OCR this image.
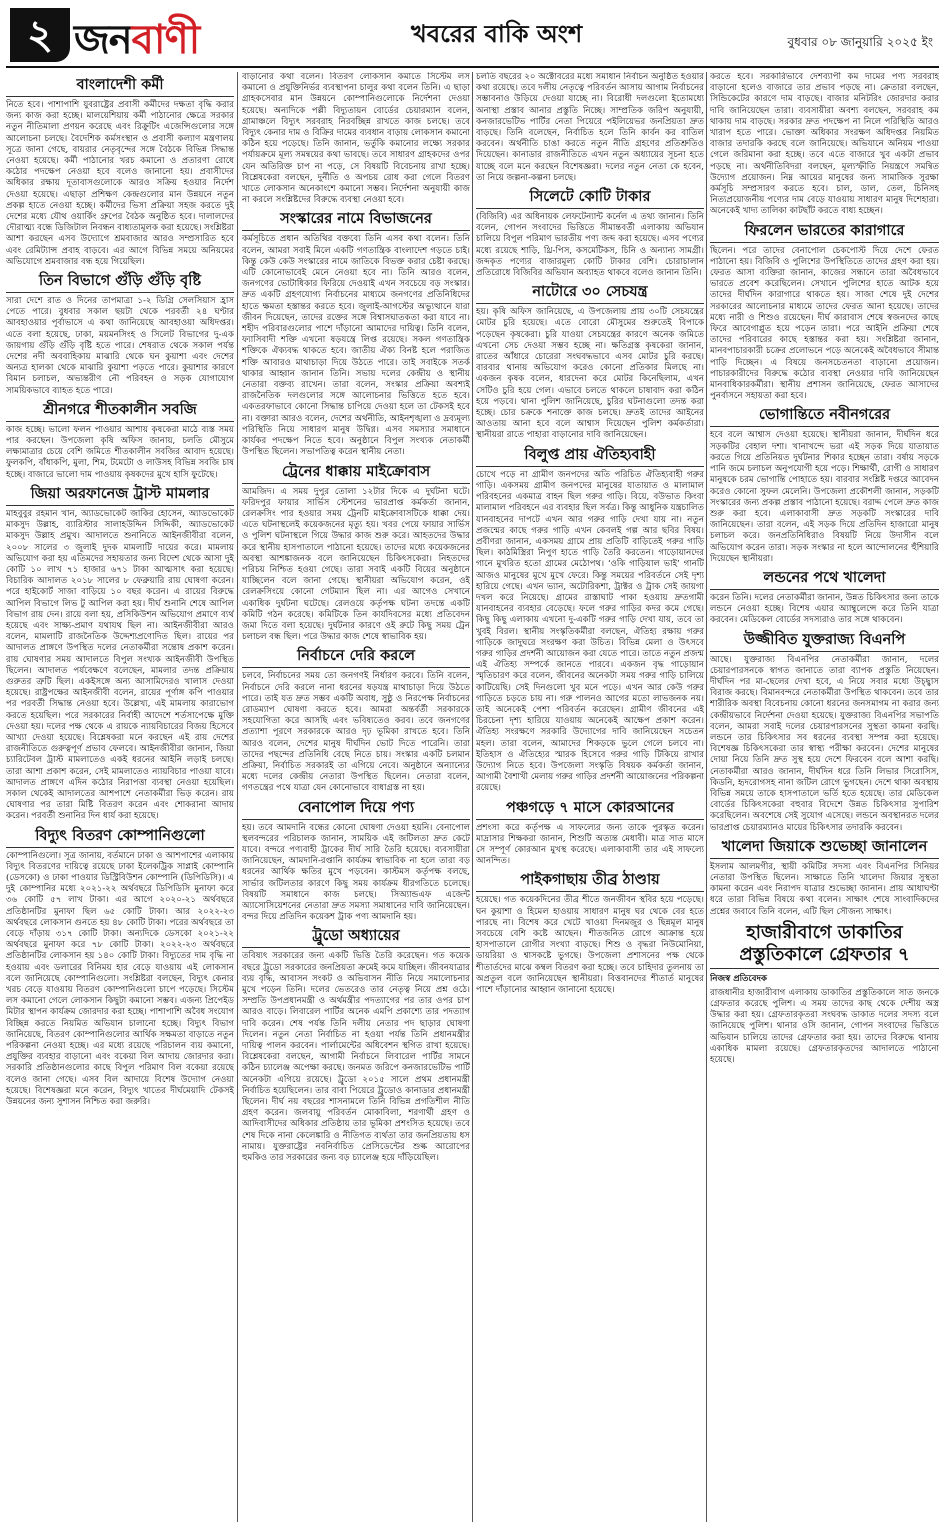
২ জনবাণী	খবরের বাকি অংশ	বুধবার ০৮ জানুয়ারি ২০২৫ ইং
বাংলাদেশী কর্মী

নিতে হবে। পাশাপাশি যুবরাষ্ট্রের প্রবাসী কর্মীদের দক্ষতা বৃদ্ধি করার জন্য কাজ করা হচ্ছে। মালয়েশিয়ায় কর্মী পাঠানোর ক্ষেত্রে সরকার নতুন নীতিমালা প্রণয়ন করেছে এবং রিক্রুটিং এজেন্সিগুলোর সঙ্গে আলোচনা চলছে। বৈদেশিক কর্মসংস্থান ও প্রবাসী কল্যাণ মন্ত্রণালয় সূত্রে জানা গেছে, বায়রার নেতৃবৃন্দের সঙ্গে বৈঠকে বিভিন্ন সিদ্ধান্ত নেওয়া হয়েছে। কর্মী পাঠানোর খরচ কমানো ও প্রতারণা রোধে কঠোর পদক্ষেপ নেওয়া হবে বলেও জানানো হয়। প্রবাসীদের অধিকার রক্ষায় দূতাবাসগুলোকে আরও সক্রিয় হওয়ার নির্দেশ দেওয়া হয়েছে। এছাড়া প্রশিক্ষণ কেন্দ্রগুলোর মান উন্নয়নে নতুন প্রকল্প হাতে নেওয়া হচ্ছে। কর্মীদের ভিসা প্রক্রিয়া সহজ করতে দুই দেশের মধ্যে যৌথ ওয়ার্কিং গ্রুপের বৈঠক অনুষ্ঠিত হবে। দালালদের দৌরাত্ম্য বন্ধে ডিজিটাল নিবন্ধন বাধ্যতামূলক করা হয়েছে। সংশ্লিষ্টরা আশা করছেন এসব উদ্যোগে শ্রমবাজার আরও সম্প্রসারিত হবে এবং রেমিট্যান্স প্রবাহ বাড়বে। এর আগে বিভিন্ন সময়ে অনিয়মের অভিযোগে শ্রমবাজার বন্ধ হয়ে গিয়েছিল।

তিন বিভাগে গুঁড়ি গুঁড়ি বৃষ্টি

সারা দেশে রাত ও দিনের তাপমাত্রা ১-২ ডিগ্রি সেলসিয়াস হ্রাস পেতে পারে। বুধবার সকাল ছয়টা থেকে পরবর্তী ২৪ ঘণ্টার আবহাওয়ার পূর্বাভাসে এ কথা জানিয়েছে আবহাওয়া অধিদপ্তর। এতে বলা হয়েছে, ঢাকা, ময়মনসিংহ ও সিলেট বিভাগের দু-এক জায়গায় গুঁড়ি গুঁড়ি বৃষ্টি হতে পারে। শেষরাত থেকে সকাল পর্যন্ত দেশের নদী অববাহিকায় মাঝারি থেকে ঘন কুয়াশা এবং দেশের অন্যত্র হালকা থেকে মাঝারি কুয়াশা পড়তে পারে। কুয়াশার কারণে বিমান চলাচল, অভ্যন্তরীণ নৌ পরিবহন ও সড়ক যোগাযোগ সাময়িকভাবে ব্যাহত হতে পারে।

শ্রীনগরে শীতকালীন সবজি

কাজ হচ্ছে। ভালো ফলন পাওয়ার আশায় কৃষকেরা মাঠে ব্যস্ত সময় পার করছেন। উপজেলা কৃষি অফিস জানায়, চলতি মৌসুমে লক্ষ্যমাত্রার চেয়ে বেশি জমিতে শীতকালীন সবজির আবাদ হয়েছে। ফুলকপি, বাঁধাকপি, মুলা, শিম, টমেটো ও লাউসহ বিভিন্ন সবজি চাষ হচ্ছে। বাজারে ভালো দাম পাওয়ায় কৃষকদের মুখে হাসি ফুটেছে।

জিয়া অরফানেজ ট্রাস্ট মামলার

মাহবুবুর রহমান খান, অ্যাডভোকেট জাকির হোসেন, অ্যাডভোকেট মাকসুদ উল্লাহ, ব্যারিস্টার সালাহউদ্দিন সিদ্দিকী, অ্যাডভোকেট মাকসুদ উল্লাহ প্রমুখ। আদালতে শুনানিতে আইনজীবীরা বলেন, ২০০৮ সালের ৩ জুলাই দুদক মামলাটি দায়ের করে। মামলায় অভিযোগ করা হয় এতিমদের সহায়তার জন্য বিদেশ থেকে আসা দুই কোটি ১০ লাখ ৭১ হাজার ৬৭১ টাকা আত্মসাৎ করা হয়েছে। বিচারিক আদালত ২০১৮ সালের ৮ ফেব্রুয়ারি রায় ঘোষণা করেন। পরে হাইকোর্ট সাজা বাড়িয়ে ১০ বছর করেন। এ রায়ের বিরুদ্ধে আপিল বিভাগে লিভ টু আপিল করা হয়। দীর্ঘ শুনানি শেষে আপিল বিভাগ রায় দেন। রায়ে বলা হয়, প্রসিকিউশন অভিযোগ প্রমাণে ব্যর্থ হয়েছে এবং সাক্ষ্য-প্রমাণ যথাযথ ছিল না। আইনজীবীরা আরও বলেন, মামলাটি রাজনৈতিক উদ্দেশ্যপ্রণোদিত ছিল। রায়ের পর আদালত প্রাঙ্গণে উপস্থিত দলের নেতাকর্মীরা সন্তোষ প্রকাশ করেন। রায় ঘোষণার সময় আদালতে বিপুল সংখ্যক আইনজীবী উপস্থিত ছিলেন। আদালত পর্যবেক্ষণে বলেছেন, মামলার তদন্ত প্রক্রিয়ায় গুরুতর ত্রুটি ছিল। একইসঙ্গে অন্য আসামিদেরও খালাস দেওয়া হয়েছে। রাষ্ট্রপক্ষের আইনজীবী বলেন, রায়ের পূর্ণাঙ্গ কপি পাওয়ার পর পরবর্তী সিদ্ধান্ত নেওয়া হবে। উল্লেখ্য, এই মামলায় কারাভোগ করতে হয়েছিল। পরে সরকারের নির্বাহী আদেশে শর্তসাপেক্ষে মুক্তি দেওয়া হয়। দলের পক্ষ থেকে এ রায়কে ন্যায়বিচারের বিজয় হিসেবে আখ্যা দেওয়া হয়েছে। বিশ্লেষকরা মনে করছেন এই রায় দেশের রাজনীতিতে গুরুত্বপূর্ণ প্রভাব ফেলবে। আইনজীবীরা জানান, জিয়া চ্যারিটেবল ট্রাস্ট মামলাতেও একই ধরনের আইনি লড়াই চলছে। তারা আশা প্রকাশ করেন, সেই মামলাতেও ন্যায়বিচার পাওয়া যাবে। আদালত প্রাঙ্গণে এদিন কঠোর নিরাপত্তা ব্যবস্থা নেওয়া হয়েছিল। সকাল থেকেই আদালতের আশপাশে নেতাকর্মীরা ভিড় করেন। রায় ঘোষণার পর তারা মিষ্টি বিতরণ করেন এবং শোকরানা আদায় করেন। পরবর্তী শুনানির দিন ধার্য করা হয়েছে।

বিদ্যুৎ বিতরণ কোম্পানিগুলো

কোম্পানিগুলো। সূত্র জানায়, বর্তমানে ঢাকা ও আশপাশের এলাকায় বিদ্যুৎ বিতরণের দায়িত্বে রয়েছে ঢাকা ইলেকট্রিক সাপ্লাই কোম্পানি (ডেসকো) ও ঢাকা পাওয়ার ডিস্ট্রিবিউশন কোম্পানি (ডিপিডিসি)। এ দুই কোম্পানির মধ্যে ২০২১-২২ অর্থবছরে ডিপিডিসি মুনাফা করে ৩৬ কোটি ৫৭ লাখ টাকা। এর আগে ২০২০-২১ অর্থবছরে প্রতিষ্ঠানটির মুনাফা ছিল ৬৫ কোটি টাকা। আর ২০২২-২৩ অর্থবছরে লোকসান গুনতে হয় ৪৮ কোটি টাকা। পরের অর্থবছরে তা বেড়ে দাঁড়ায় ৩১৭ কোটি টাকা। অন্যদিকে ডেসকো ২০২১-২২ অর্থবছরে মুনাফা করে ৭৮ কোটি টাকা। ২০২২-২৩ অর্থবছরে প্রতিষ্ঠানটির লোকসান হয় ১৪০ কোটি টাকা। বিদ্যুতের দাম বৃদ্ধি না হওয়ায় এবং ডলারের বিনিময় হার বেড়ে যাওয়ায় এই লোকসান বলে জানিয়েছে কোম্পানিগুলো। সংশ্লিষ্টরা বলছেন, বিদ্যুৎ কেনার খরচ বেড়ে যাওয়ায় বিতরণ কোম্পানিগুলো চাপে পড়েছে। সিস্টেম লস কমানো গেলে লোকসান কিছুটা কমানো সম্ভব। এজন্য প্রিপেইড মিটার স্থাপন কার্যক্রম জোরদার করা হচ্ছে। পাশাপাশি অবৈধ সংযোগ বিচ্ছিন্ন করতে নিয়মিত অভিযান চালানো হচ্ছে। বিদ্যুৎ বিভাগ জানিয়েছে, বিতরণ কোম্পানিগুলোর আর্থিক সক্ষমতা বাড়াতে নতুন পরিকল্পনা নেওয়া হচ্ছে। এর মধ্যে রয়েছে পরিচালন ব্যয় কমানো, প্রযুক্তির ব্যবহার বাড়ানো এবং বকেয়া বিল আদায় জোরদার করা। সরকারি প্রতিষ্ঠানগুলোর কাছে বিপুল পরিমাণ বিল বকেয়া রয়েছে বলেও জানা গেছে। এসব বিল আদায়ে বিশেষ উদ্যোগ নেওয়া হয়েছে। বিশেষজ্ঞরা মনে করেন, বিদ্যুৎ খাতের দীর্ঘমেয়াদি টেকসই উন্নয়নের জন্য সুশাসন নিশ্চিত করা জরুরি।

বাড়ানোর কথা বলেন। বিতরণ লোকসান কমাতে সিস্টেম লস কমানো ও প্রযুক্তিনির্ভর ব্যবস্থাপনা চালুর কথা বলেন তিনি। এ ছাড়া গ্রাহকসেবার মান উন্নয়নে কোম্পানিগুলোকে নির্দেশনা দেওয়া হয়েছে। অন্যদিকে পল্লী বিদ্যুতায়ন বোর্ডের চেয়ারম্যান বলেন, গ্রামাঞ্চলে বিদ্যুৎ সরবরাহ নিরবচ্ছিন্ন রাখতে কাজ চলছে। তবে বিদ্যুৎ কেনার দাম ও বিক্রির দামের ব্যবধান বাড়ায় লোকসান কমানো কঠিন হয়ে পড়েছে। তিনি জানান, ভর্তুকি কমানোর লক্ষ্যে সরকার পর্যায়ক্রমে মূল্য সমন্বয়ের কথা ভাবছে। তবে সাধারণ গ্রাহকদের ওপর যেন অতিরিক্ত চাপ না পড়ে, সে বিষয়টি বিবেচনায় রাখা হচ্ছে। বিশ্লেষকেরা বলছেন, দুর্নীতি ও অপচয় রোধ করা গেলে বিতরণ খাতে লোকসান অনেকাংশে কমানো সম্ভব। নির্দেশনা অনুযায়ী কাজ না করলে সংশ্লিষ্টদের বিরুদ্ধে ব্যবস্থা নেওয়া হবে।

সংস্কারের নামে বিভাজনের

কর্মসূচিতে প্রধান অতিথির বক্তব্যে তিনি এসব কথা বলেন। তিনি বলেন, আমরা সবাই মিলে একটি গণতান্ত্রিক বাংলাদেশ গড়তে চাই। কিন্তু কেউ কেউ সংস্কারের নামে জাতিকে বিভক্ত করার চেষ্টা করছে। এটি কোনোভাবেই মেনে নেওয়া হবে না। তিনি আরও বলেন, জনগণের ভোটাধিকার ফিরিয়ে দেওয়াই এখন সবচেয়ে বড় সংস্কার। দ্রুত একটি গ্রহণযোগ্য নির্বাচনের মাধ্যমে জনগণের প্রতিনিধিদের হাতে ক্ষমতা হস্তান্তর করতে হবে। জুলাই-আগস্টের অভ্যুত্থানে যারা জীবন দিয়েছেন, তাদের রক্তের সঙ্গে বিশ্বাসঘাতকতা করা যাবে না। শহীদ পরিবারগুলোর পাশে দাঁড়ানো আমাদের দায়িত্ব। তিনি বলেন, ফ্যাসিবাদী শক্তি এখনো ষড়যন্ত্রে লিপ্ত রয়েছে। সকল গণতান্ত্রিক শক্তিকে ঐক্যবদ্ধ থাকতে হবে। জাতীয় ঐক্য বিনষ্ট হলে পরাজিত শক্তি আবারও মাথাচাড়া দিয়ে উঠতে পারে। তাই সবাইকে সতর্ক থাকার আহ্বান জানান তিনি। সভায় দলের কেন্দ্রীয় ও স্থানীয় নেতারা বক্তব্য রাখেন। তারা বলেন, সংস্কার প্রক্রিয়া অবশ্যই রাজনৈতিক দলগুলোর সঙ্গে আলোচনার ভিত্তিতে হতে হবে। একতরফাভাবে কোনো সিদ্ধান্ত চাপিয়ে দেওয়া হলে তা টেকসই হবে না। বক্তারা আরও বলেন, দেশের অর্থনীতি, আইনশৃঙ্খলা ও দ্রব্যমূল্য পরিস্থিতি নিয়ে সাধারণ মানুষ উদ্বিগ্ন। এসব সমস্যার সমাধানে কার্যকর পদক্ষেপ নিতে হবে। অনুষ্ঠানে বিপুল সংখ্যক নেতাকর্মী উপস্থিত ছিলেন। সভাপতিত্ব করেন স্থানীয় নেতা।

ট্রেনের ধাক্কায় মাইক্রোবাস

আমজিদ। এ সময় দুপুর তোলা ১২টার দিকে এ দুর্ঘটনা ঘটে। ফরিদপুর ফায়ার সার্ভিস স্টেশনের ভারপ্রাপ্ত কর্মকর্তা জানান, রেলক্রসিং পার হওয়ার সময় ট্রেনটি মাইক্রোবাসটিকে ধাক্কা দেয়। এতে ঘটনাস্থলেই কয়েকজনের মৃত্যু হয়। খবর পেয়ে ফায়ার সার্ভিস ও পুলিশ ঘটনাস্থলে গিয়ে উদ্ধার কাজ শুরু করে। আহতদের উদ্ধার করে স্থানীয় হাসপাতালে পাঠানো হয়েছে। তাদের মধ্যে কয়েকজনের অবস্থা আশঙ্কাজনক বলে জানিয়েছেন চিকিৎসকেরা। নিহতদের পরিচয় নিশ্চিত হওয়া গেছে। তারা সবাই একটি বিয়ের অনুষ্ঠানে যাচ্ছিলেন বলে জানা গেছে। স্থানীয়রা অভিযোগ করেন, ওই রেলক্রসিংয়ে কোনো গেটম্যান ছিল না। এর আগেও সেখানে একাধিক দুর্ঘটনা ঘটেছে। রেলওয়ে কর্তৃপক্ষ ঘটনা তদন্তে একটি কমিটি গঠন করেছে। কমিটিকে তিন কার্যদিবসের মধ্যে প্রতিবেদন জমা দিতে বলা হয়েছে। দুর্ঘটনার কারণে ওই রুটে কিছু সময় ট্রেন চলাচল বন্ধ ছিল। পরে উদ্ধার কাজ শেষে স্বাভাবিক হয়।

নির্বাচনে দেরি করলে

চলবে, নির্বাচনের সময় তো জনগণই নির্ধারণ করবে। তিনি বলেন, নির্বাচনে দেরি করলে নানা ধরনের ষড়যন্ত্র মাথাচাড়া দিয়ে উঠতে পারে। তাই যত দ্রুত সম্ভব একটি অবাধ, সুষ্ঠু ও নিরপেক্ষ নির্বাচনের রোডম্যাপ ঘোষণা করতে হবে। আমরা অন্তর্বর্তী সরকারকে সহযোগিতা করে আসছি এবং ভবিষ্যতেও করব। তবে জনগণের প্রত্যাশা পূরণে সরকারকে আরও দৃঢ় ভূমিকা রাখতে হবে। তিনি আরও বলেন, দেশের মানুষ দীর্ঘদিন ভোট দিতে পারেনি। তারা তাদের পছন্দের প্রতিনিধি বেছে নিতে চায়। সংস্কার একটি চলমান প্রক্রিয়া, নির্বাচিত সরকারই তা এগিয়ে নেবে। অনুষ্ঠানে অন্যান্যের মধ্যে দলের কেন্দ্রীয় নেতারা উপস্থিত ছিলেন। নেতারা বলেন, গণতন্ত্রের পথে যাত্রা যেন কোনোভাবে বাধাগ্রস্ত না হয়।

বেনাপোল দিয়ে পণ্য

হয়। তবে আমদানি বন্ধের কোনো ঘোষণা দেওয়া হয়নি। বেনাপোল স্থলবন্দরের পরিচালক জানান, সাময়িক এই জটিলতা দ্রুত কেটে যাবে। বন্দরে পণ্যবাহী ট্রাকের দীর্ঘ সারি তৈরি হয়েছে। ব্যবসায়ীরা জানিয়েছেন, আমদানি-রপ্তানি কার্যক্রম স্বাভাবিক না হলে তারা বড় ধরনের আর্থিক ক্ষতির মুখে পড়বেন। কাস্টমস কর্তৃপক্ষ বলছে, সার্ভার জটিলতার কারণে কিছু সময় কার্যক্রম ধীরগতিতে চলেছে। বিষয়টি সমাধানে কাজ চলছে। সিঅ্যান্ডএফ এজেন্ট অ্যাসোসিয়েশনের নেতারা দ্রুত সমস্যা সমাধানের দাবি জানিয়েছেন। বন্দর দিয়ে প্রতিদিন কয়েকশ ট্রাক পণ্য আমদানি হয়।

ট্রুডো অধ্যায়ের

তবিষ্যৎ সরকারের জন্য একটি ভিত্তি তৈরি করেছেন। গত কয়েক বছরে ট্রুডো সরকারের জনপ্রিয়তা ক্রমেই কমে যাচ্ছিল। জীবনযাত্রার ব্যয় বৃদ্ধি, আবাসন সংকট ও অভিবাসন নীতি নিয়ে সমালোচনার মুখে পড়েন তিনি। দলের ভেতরেও তার নেতৃত্ব নিয়ে প্রশ্ন ওঠে। সম্প্রতি উপপ্রধানমন্ত্রী ও অর্থমন্ত্রীর পদত্যাগের পর তার ওপর চাপ আরও বাড়ে। লিবারেল পার্টির অনেক এমপি প্রকাশ্যে তার পদত্যাগ দাবি করেন। শেষ পর্যন্ত তিনি দলীয় নেতার পদ ছাড়ার ঘোষণা দিলেন। নতুন নেতা নির্বাচিত না হওয়া পর্যন্ত তিনি প্রধানমন্ত্রীর দায়িত্ব পালন করবেন। পার্লামেন্টের অধিবেশন স্থগিত রাখা হয়েছে। বিশ্লেষকেরা বলছেন, আগামী নির্বাচনে লিবারেল পার্টির সামনে কঠিন চ্যালেঞ্জ অপেক্ষা করছে। জনমত জরিপে কনজারভেটিভ পার্টি অনেকটা এগিয়ে রয়েছে। ট্রুডো ২০১৫ সালে প্রথম প্রধানমন্ত্রী নির্বাচিত হয়েছিলেন। তার বাবা পিয়েরে ট্রুডোও কানাডার প্রধানমন্ত্রী ছিলেন। দীর্ঘ নয় বছরের শাসনামলে তিনি বিভিন্ন প্রগতিশীল নীতি গ্রহণ করেন। জলবায়ু পরিবর্তন মোকাবিলা, শরণার্থী গ্রহণ ও আদিবাসীদের অধিকার প্রতিষ্ঠায় তার ভূমিকা প্রশংসিত হয়েছে। তবে শেষ দিকে নানা কেলেঙ্কারি ও নীতিগত ব্যর্থতা তার জনপ্রিয়তায় ধস নামায়। যুক্তরাষ্ট্রের নবনির্বাচিত প্রেসিডেন্টের শুল্ক আরোপের হুমকিও তার সরকারের জন্য বড় চ্যালেঞ্জ হয়ে দাঁড়িয়েছিল।

চলতি বছরের ২০ অক্টোবরের মধ্যে সমাধান নির্বাচন অনুষ্ঠিত হওয়ার কথা রয়েছে। তবে দলীয় নেতৃত্বে পরিবর্তন আসায় আগাম নির্বাচনের সম্ভাবনাও উড়িয়ে দেওয়া যাচ্ছে না। বিরোধী দলগুলো ইতোমধ্যে অনাস্থা প্রস্তাব আনার প্রস্তুতি নিচ্ছে। সাম্প্রতিক জরিপ অনুযায়ী, কনজারভেটিভ পার্টির নেতা পিয়েরে পইলিয়েভর জনপ্রিয়তা দ্রুত বাড়ছে। তিনি বলেছেন, নির্বাচিত হলে তিনি কার্বন কর বাতিল করবেন। অর্থনীতি চাঙা করতে নতুন নীতি গ্রহণের প্রতিশ্রুতিও দিয়েছেন। কানাডার রাজনীতিতে এখন নতুন অধ্যায়ের সূচনা হতে যাচ্ছে বলে মনে করছেন বিশেষজ্ঞরা। দলের নতুন নেতা কে হবেন, তা নিয়ে জল্পনা-কল্পনা চলছে।

সিলেটে কোটি টাকার

(বিজিবি) এর অধিনায়ক লেফটেন্যান্ট কর্নেল এ তথ্য জানান। তিনি বলেন, গোপন সংবাদের ভিত্তিতে সীমান্তবর্তী এলাকায় অভিযান চালিয়ে বিপুল পরিমাণ ভারতীয় পণ্য জব্দ করা হয়েছে। এসব পণ্যের মধ্যে রয়েছে শাড়ি, থ্রি-পিস, কসমেটিকস, চিনি ও অন্যান্য সামগ্রী। জব্দকৃত পণ্যের বাজারমূল্য কোটি টাকার বেশি। চোরাচালান প্রতিরোধে বিজিবির অভিযান অব্যাহত থাকবে বলেও জানান তিনি।

নাটোরে ৩০ সেচযন্ত্র

হয়। কৃষি অফিস জানিয়েছে, এ উপজেলায় প্রায় ৩০টি সেচযন্ত্রের মোটর চুরি হয়েছে। এতে বোরো মৌসুমের শুরুতেই বিপাকে পড়েছেন কৃষকেরা। চুরি যাওয়া সেচযন্ত্রের কারণে অনেক জমিতে এখনো সেচ দেওয়া সম্ভব হচ্ছে না। ক্ষতিগ্রস্ত কৃষকেরা জানান, রাতের আঁধারে চোরেরা সংঘবদ্ধভাবে এসব মোটর চুরি করছে। বারবার থানায় অভিযোগ করেও কোনো প্রতিকার মিলছে না। একজন কৃষক বলেন, ধারদেনা করে মোটর কিনেছিলাম, এখন সেটিও চুরি হয়ে গেল। এভাবে চলতে থাকলে চাষাবাদ করা কঠিন হয়ে পড়বে। থানা পুলিশ জানিয়েছে, চুরির ঘটনাগুলো তদন্ত করা হচ্ছে। চোর চক্রকে শনাক্তে কাজ চলছে। দ্রুতই তাদের আইনের আওতায় আনা হবে বলে আশ্বাস দিয়েছেন পুলিশ কর্মকর্তারা। স্থানীয়রা রাতে পাহারা বাড়ানোর দাবি জানিয়েছেন।

বিলুপ্ত প্রায় ঐতিহ্যবাহী

চোখে পড়ে না গ্রামীণ জনপদের অতি পরিচিত ঐতিহ্যবাহী গরুর গাড়ি। একসময় গ্রামীণ জনপদের মানুষের যাতায়াত ও মালামাল পরিবহনের একমাত্র বাহন ছিল গরুর গাড়ি। বিয়ে, বউভাত কিংবা মালামাল পরিবহনে এর ব্যবহার ছিল সর্বত্র। কিন্তু আধুনিক যন্ত্রচালিত যানবাহনের দাপটে এখন আর গরুর গাড়ি দেখা যায় না। নতুন প্রজন্মের কাছে গরুর গাড়ি এখন কেবলই গল্প আর ছবির বিষয়। প্রবীণরা জানান, একসময় গ্রামে প্রায় প্রতিটি বাড়িতেই গরুর গাড়ি ছিল। কাঠমিস্ত্রিরা নিপুণ হাতে গাড়ি তৈরি করতেন। গাড়োয়ানদের গানে মুখরিত হতো গ্রামের মেঠোপথ। ‘ওকি গাড়িয়াল ভাই’ গানটি আজও মানুষের মুখে মুখে ফেরে। কিন্তু সময়ের পরিবর্তনে সেই দৃশ্য হারিয়ে গেছে। এখন ভ্যান, অটোরিকশা, ট্রাক্টর ও ট্রাক সেই জায়গা দখল করে নিয়েছে। গ্রামের রাস্তাঘাট পাকা হওয়ায় দ্রুতগামী যানবাহনের ব্যবহার বেড়েছে। ফলে গরুর গাড়ির কদর কমে গেছে। কিছু কিছু এলাকায় এখনো দু-একটি গরুর গাড়ি দেখা যায়, তবে তা খুবই বিরল। স্থানীয় সংস্কৃতিকর্মীরা বলছেন, ঐতিহ্য রক্ষায় গরুর গাড়িকে জাদুঘরে সংরক্ষণ করা উচিত। বিভিন্ন মেলা ও উৎসবে গরুর গাড়ির প্রদর্শনী আয়োজন করা যেতে পারে। তাতে নতুন প্রজন্ম এই ঐতিহ্য সম্পর্কে জানতে পারবে। একজন বৃদ্ধ গাড়োয়ান স্মৃতিচারণ করে বলেন, জীবনের অনেকটা সময় গরুর গাড়ি চালিয়ে কাটিয়েছি। সেই দিনগুলো খুব মনে পড়ে। এখন আর কেউ গরুর গাড়িতে চড়তে চায় না। গরু পালনও আগের মতো লাভজনক নয়। তাই অনেকেই পেশা পরিবর্তন করেছেন। গ্রামীণ জীবনের এই চিরচেনা দৃশ্য হারিয়ে যাওয়ায় অনেকেই আক্ষেপ প্রকাশ করেন। ঐতিহ্য সংরক্ষণে সরকারি উদ্যোগের দাবি জানিয়েছেন সচেতন মহল। তারা বলেন, আমাদের শিকড়কে ভুলে গেলে চলবে না। ইতিহাস ও ঐতিহ্যের স্মারক হিসেবে গরুর গাড়ি টিকিয়ে রাখার উদ্যোগ নিতে হবে। উপজেলা সংস্কৃতি বিষয়ক কর্মকর্তা জানান, আগামী বৈশাখী মেলায় গরুর গাড়ির প্রদর্শনী আয়োজনের পরিকল্পনা রয়েছে।

পঞ্চগড়ে ৭ মাসে কোরআনের

প্রশংসা করে কর্তৃপক্ষ এ সাফল্যের জন্য তাকে পুরস্কৃত করেন। মাদ্রাসার শিক্ষকরা জানান, শিশুটি অত্যন্ত মেধাবী। মাত্র সাত মাসে সে সম্পূর্ণ কোরআন মুখস্থ করেছে। এলাকাবাসী তার এই সাফল্যে আনন্দিত।

পাইকগাছায় তীব্র ঠাণ্ডায়

হয়েছে। গত কয়েকদিনের তীব্র শীতে জনজীবন স্থবির হয়ে পড়েছে। ঘন কুয়াশা ও হিমেল হাওয়ায় সাধারণ মানুষ ঘর থেকে বের হতে পারছে না। বিশেষ করে খেটে খাওয়া দিনমজুর ও ছিন্নমূল মানুষ সবচেয়ে বেশি কষ্টে আছেন। শীতজনিত রোগে আক্রান্ত হয়ে হাসপাতালে রোগীর সংখ্যা বাড়ছে। শিশু ও বৃদ্ধরা নিউমোনিয়া, ডায়রিয়া ও শ্বাসকষ্টে ভুগছে। উপজেলা প্রশাসনের পক্ষ থেকে শীতার্তদের মাঝে কম্বল বিতরণ করা হচ্ছে। তবে চাহিদার তুলনায় তা অপ্রতুল বলে জানিয়েছেন স্থানীয়রা। বিত্তবানদের শীতার্ত মানুষের পাশে দাঁড়ানোর আহ্বান জানানো হয়েছে।

করতে হবে। সরকারিভাবে দেশব্যাপী কম দামের পণ্য সরবরাহ বাড়ানো হলেও বাজারে তার প্রভাব পড়ছে না। ক্রেতারা বলছেন, সিন্ডিকেটের কারণে দাম বাড়ছে। বাজার মনিটরিং জোরদার করার দাবি জানিয়েছেন তারা। ব্যবসায়ীরা অবশ্য বলছেন, সরবরাহ কম থাকায় দাম বাড়ছে। সরকার দ্রুত পদক্ষেপ না নিলে পরিস্থিতি আরও খারাপ হতে পারে। ভোক্তা অধিকার সংরক্ষণ অধিদপ্তর নিয়মিত বাজার তদারকি করছে বলে জানিয়েছে। অভিযানে অনিয়ম পাওয়া গেলে জরিমানা করা হচ্ছে। তবে এতে বাজারে খুব একটা প্রভাব পড়ছে না। অর্থনীতিবিদরা বলছেন, মূল্যস্ফীতি নিয়ন্ত্রণে সমন্বিত উদ্যোগ প্রয়োজন। নিম্ন আয়ের মানুষের জন্য সামাজিক সুরক্ষা কর্মসূচি সম্প্রসারণ করতে হবে। চাল, ডাল, তেল, চিনিসহ নিত্যপ্রয়োজনীয় পণ্যের দাম বেড়ে যাওয়ায় সাধারণ মানুষ দিশেহারা। অনেকেই খাদ্য তালিকা কাটছাঁট করতে বাধ্য হচ্ছেন।

ফিরলেন ভারতের কারাগারে

ছিলেন। পরে তাদের বেনাপোল চেকপোস্ট দিয়ে দেশে ফেরত পাঠানো হয়। বিজিবি ও পুলিশের উপস্থিতিতে তাদের গ্রহণ করা হয়। ফেরত আসা ব্যক্তিরা জানান, কাজের সন্ধানে তারা অবৈধভাবে ভারতে প্রবেশ করেছিলেন। সেখানে পুলিশের হাতে আটক হয়ে তাদের দীর্ঘদিন কারাগারে থাকতে হয়। সাজা শেষে দুই দেশের সরকারের আলোচনার মাধ্যমে তাদের ফেরত আনা হয়েছে। তাদের মধ্যে নারী ও শিশুও রয়েছেন। দীর্ঘ কারাবাস শেষে স্বজনদের কাছে ফিরে আবেগাপ্লুত হয়ে পড়েন তারা। পরে আইনি প্রক্রিয়া শেষে তাদের পরিবারের কাছে হস্তান্তর করা হয়। সংশ্লিষ্টরা জানান, মানবপাচারকারী চক্রের প্রলোভনে পড়ে অনেকেই অবৈধভাবে সীমান্ত পাড়ি দিচ্ছেন। এ বিষয়ে জনসচেতনতা বাড়ানো প্রয়োজন। পাচারকারীদের বিরুদ্ধে কঠোর ব্যবস্থা নেওয়ার দাবি জানিয়েছেন মানবাধিকারকর্মীরা। স্থানীয় প্রশাসন জানিয়েছে, ফেরত আসাদের পুনর্বাসনে সহায়তা করা হবে।

ভোগান্তিতে নবীনগরের

হবে বলে আশ্বাস দেওয়া হয়েছে। স্থানীয়রা জানান, দীর্ঘদিন ধরে সড়কটির বেহাল দশা। খানাখন্দে ভরা এই সড়ক দিয়ে যাতায়াত করতে গিয়ে প্রতিনিয়ত দুর্ঘটনার শিকার হচ্ছেন তারা। বর্ষায় সড়কে পানি জমে চলাচল অনুপযোগী হয়ে পড়ে। শিক্ষার্থী, রোগী ও সাধারণ মানুষকে চরম ভোগান্তি পোহাতে হয়। বারবার সংশ্লিষ্ট দপ্তরে আবেদন করেও কোনো সুফল মেলেনি। উপজেলা প্রকৌশলী জানান, সড়কটি সংস্কারের জন্য প্রকল্প প্রস্তাব পাঠানো হয়েছে। বরাদ্দ পেলে দ্রুত কাজ শুরু করা হবে। এলাকাবাসী দ্রুত সড়কটি সংস্কারের দাবি জানিয়েছেন। তারা বলেন, এই সড়ক দিয়ে প্রতিদিন হাজারো মানুষ চলাচল করে। জনপ্রতিনিধিরাও বিষয়টি নিয়ে উদাসীন বলে অভিযোগ করেন তারা। সড়ক সংস্কার না হলে আন্দোলনের হুঁশিয়ারি দিয়েছেন স্থানীয়রা।

লন্ডনের পথে খালেদা

করেন তিনি। দলের নেতাকর্মীরা জানান, উন্নত চিকিৎসার জন্য তাকে লন্ডনে নেওয়া হচ্ছে। বিশেষ এয়ার অ্যাম্বুলেন্সে করে তিনি যাত্রা করবেন। মেডিকেল বোর্ডের সদস্যরাও তার সঙ্গে থাকবেন।

উজ্জীবিত যুক্তরাজ্য বিএনপি

আছে। যুক্তরাজ্য বিএনপির নেতাকর্মীরা জানান, দলের চেয়ারপারসনকে স্বাগত জানাতে তারা ব্যাপক প্রস্তুতি নিয়েছেন। দীর্ঘদিন পর মা-ছেলের দেখা হবে, এ নিয়ে সবার মধ্যে উচ্ছ্বাস বিরাজ করছে। বিমানবন্দরে নেতাকর্মীরা উপস্থিত থাকবেন। তবে তার শারীরিক অবস্থা বিবেচনায় কোনো ধরনের জনসমাগম না করার জন্য কেন্দ্রীয়ভাবে নির্দেশনা দেওয়া হয়েছে। যুক্তরাজ্য বিএনপির সভাপতি বলেন, আমরা সবাই দলের চেয়ারপারসনের সুস্থতা কামনা করছি। লন্ডনে তার চিকিৎসার সব ধরনের ব্যবস্থা সম্পন্ন করা হয়েছে। বিশেষজ্ঞ চিকিৎসকেরা তার স্বাস্থ্য পরীক্ষা করবেন। দেশের মানুষের দোয়া নিয়ে তিনি দ্রুত সুস্থ হয়ে দেশে ফিরবেন বলে আশা করছি। নেতাকর্মীরা আরও জানান, দীর্ঘদিন ধরে তিনি লিভার সিরোসিস, কিডনি, হৃদরোগসহ নানা জটিল রোগে ভুগছেন। দেশে থাকা অবস্থায় বিভিন্ন সময়ে তাকে হাসপাতালে ভর্তি হতে হয়েছে। তার মেডিকেল বোর্ডের চিকিৎসকেরা বহুবার বিদেশে উন্নত চিকিৎসার সুপারিশ করেছিলেন। অবশেষে সেই সুযোগ এসেছে। লন্ডনে অবস্থানরত দলের ভারপ্রাপ্ত চেয়ারম্যানও মায়ের চিকিৎসার তদারকি করবেন।

খালেদা জিয়াকে শুভেচ্ছা জানালেন

ইসলাম আলমগীর, স্থায়ী কমিটির সদস্য এবং বিএনপির সিনিয়র নেতারা উপস্থিত ছিলেন। সাক্ষাতে তিনি খালেদা জিয়ার সুস্থতা কামনা করেন এবং নিরাপদ যাত্রার শুভেচ্ছা জানান। প্রায় আধাঘণ্টা ধরে তারা বিভিন্ন বিষয়ে কথা বলেন। সাক্ষাৎ শেষে সাংবাদিকদের প্রশ্নের জবাবে তিনি বলেন, এটি ছিল সৌজন্য সাক্ষাৎ।

হাজারীবাগে ডাকাতির প্রস্তুতিকালে গ্রেফতার ৭
নিজস্ব প্রতিবেদক

রাজধানীর হাজারীবাগ এলাকায় ডাকাতির প্রস্তুতিকালে সাত জনকে গ্রেফতার করেছে পুলিশ। এ সময় তাদের কাছ থেকে দেশীয় অস্ত্র উদ্ধার করা হয়। গ্রেফতারকৃতরা সংঘবদ্ধ ডাকাত দলের সদস্য বলে জানিয়েছে পুলিশ। থানার ওসি জানান, গোপন সংবাদের ভিত্তিতে অভিযান চালিয়ে তাদের গ্রেফতার করা হয়। তাদের বিরুদ্ধে থানায় একাধিক মামলা রয়েছে। গ্রেফতারকৃতদের আদালতে পাঠানো হয়েছে।
